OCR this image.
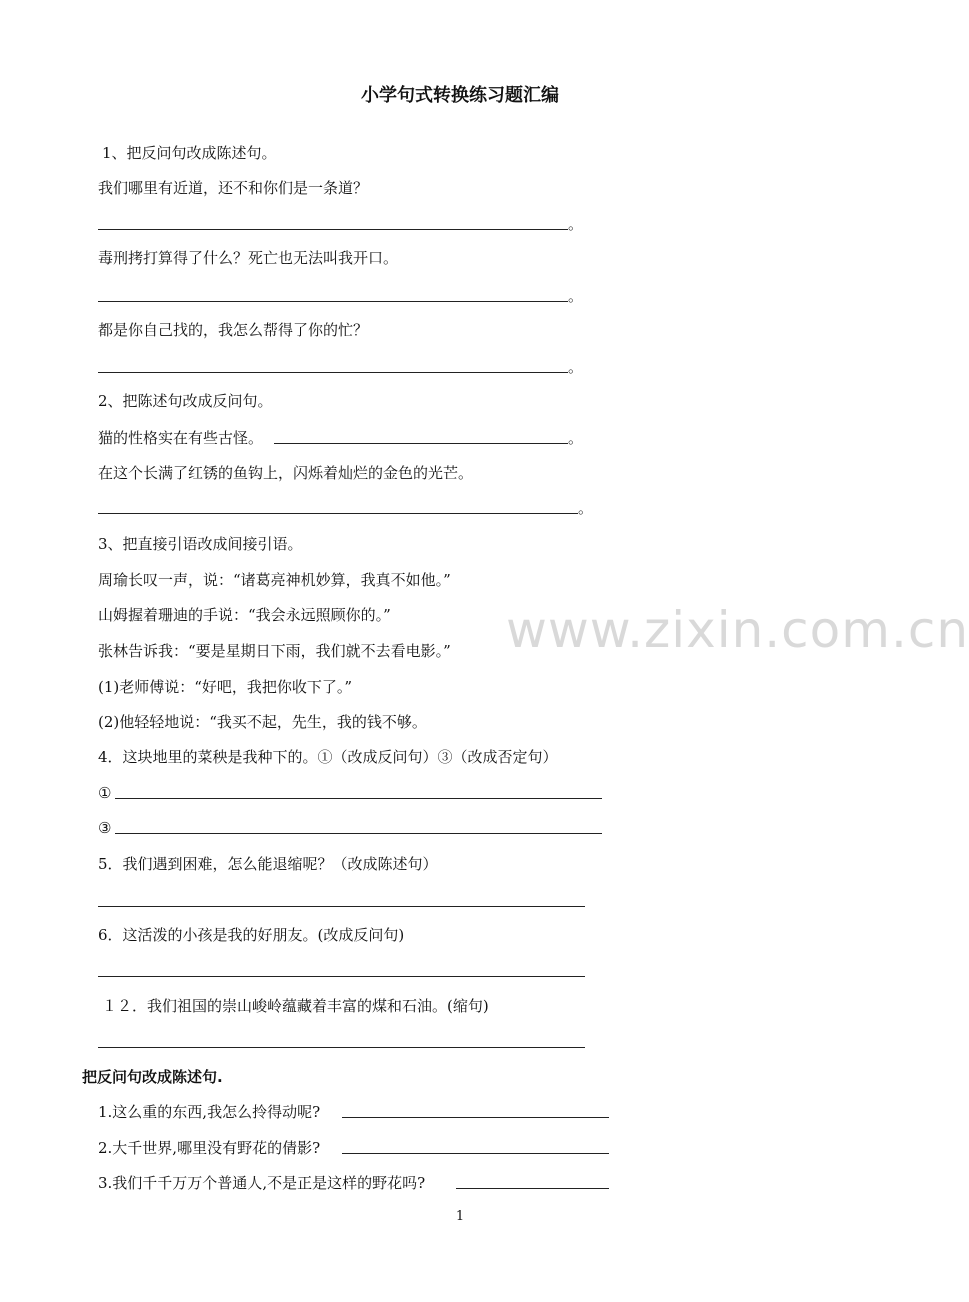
www.zixin.com.cn
小学句式转换练习题汇编
1、把反问句改成陈述句。
我们哪里有近道，还不和你们是一条道？
。
毒刑拷打算得了什么？死亡也无法叫我开口。
。
都是你自己找的，我怎么帮得了你的忙？
。
2、把陈述句改成反问句。
猫的性格实在有些古怪。	。
在这个长满了红锈的鱼钩上，闪烁着灿烂的金色的光芒。
。
3、把直接引语改成间接引语。
周瑜长叹一声，说：“诸葛亮神机妙算，我真不如他。”
山姆握着珊迪的手说：“我会永远照顾你的。”
张林告诉我：“要是星期日下雨，我们就不去看电影。”
(1)老师傅说：“好吧，我把你收下了。”
(2)他轻轻地说：“我买不起，先生，我的钱不够。
4．这块地里的菜秧是我种下的。①（改成反问句）③（改成否定句）
①
③
5．我们遇到困难，怎么能退缩呢？（改成陈述句）
6．这活泼的小孩是我的好朋友。(改成反问句)
１２．我们祖国的崇山峻岭蕴藏着丰富的煤和石油。(缩句)
把反问句改成陈述句.
1.这么重的东西,我怎么拎得动呢?
2.大千世界,哪里没有野花的倩影?
3.我们千千万万个普通人,不是正是这样的野花吗?
1
